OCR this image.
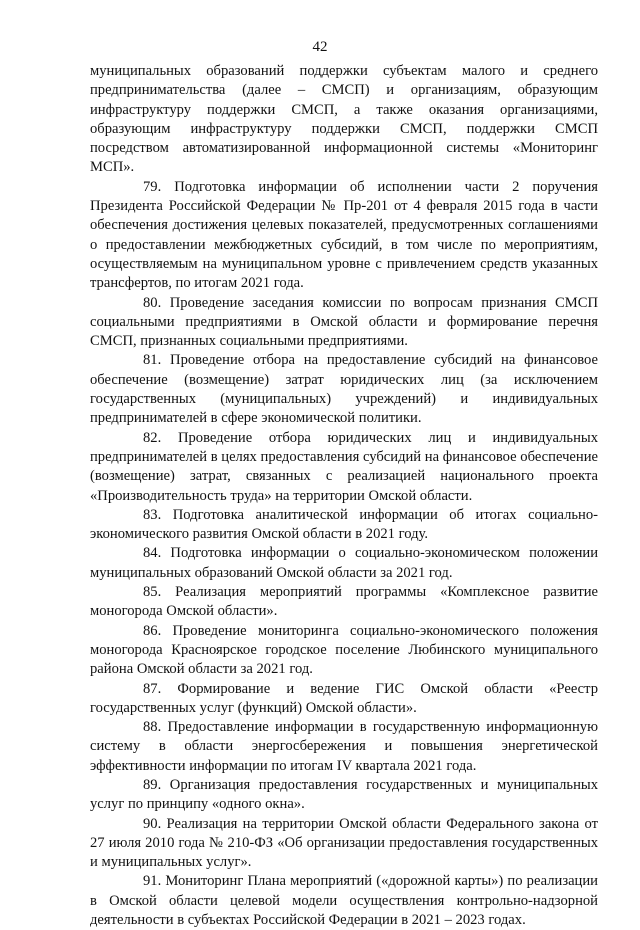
42

муниципальных образований поддержки субъектам малого и среднего предпринимательства (далее – СМСП) и организациям, образующим инфраструктуру поддержки СМСП, а также оказания организациями, образующим инфраструктуру поддержки СМСП, поддержки СМСП посредством автоматизированной информационной системы «Мониторинг МСП».

79. Подготовка информации об исполнении части 2 поручения Президента Российской Федерации № Пр-201 от 4 февраля 2015 года в части обеспечения достижения целевых показателей, предусмотренных соглашениями о предоставлении межбюджетных субсидий, в том числе по мероприятиям, осуществляемым на муниципальном уровне с привлечением средств указанных трансфертов, по итогам 2021 года.

80. Проведение заседания комиссии по вопросам признания СМСП социальными предприятиями в Омской области и формирование перечня СМСП, признанных социальными предприятиями.

81. Проведение отбора на предоставление субсидий на финансовое обеспечение (возмещение) затрат юридических лиц (за исключением государственных (муниципальных) учреждений) и индивидуальных предпринимателей в сфере экономической политики.

82. Проведение отбора юридических лиц и индивидуальных предпринимателей в целях предоставления субсидий на финансовое обеспечение (возмещение) затрат, связанных с реализацией национального проекта «Производительность труда» на территории Омской области.

83. Подготовка аналитической информации об итогах социально-экономического развития Омской области в 2021 году.

84. Подготовка информации о социально-экономическом положении муниципальных образований Омской области за 2021 год.

85. Реализация мероприятий программы «Комплексное развитие моногорода Омской области».

86. Проведение мониторинга социально-экономического положения моногорода Красноярское городское поселение Любинского муниципального района Омской области за 2021 год.

87. Формирование и ведение ГИС Омской области «Реестр государственных услуг (функций) Омской области».

88. Предоставление информации в государственную информационную систему в области энергосбережения и повышения энергетической эффективности информации по итогам IV квартала 2021 года.

89. Организация предоставления государственных и муниципальных услуг по принципу «одного окна».

90. Реализация на территории Омской области Федерального закона от 27 июля 2010 года № 210-ФЗ «Об организации предоставления государственных и муниципальных услуг».

91. Мониторинг Плана мероприятий («дорожной карты») по реализации в Омской области целевой модели осуществления контрольно-надзорной деятельности в субъектах Российской Федерации в 2021 – 2023 годах.
